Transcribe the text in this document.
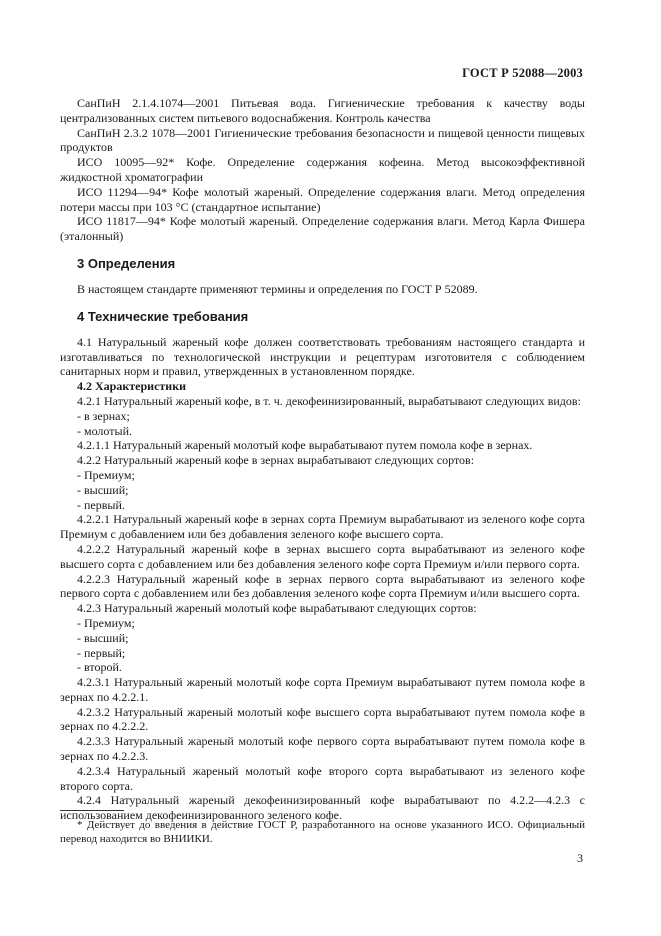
ГОСТ Р 52088—2003
СанПиН 2.1.4.1074—2001 Питьевая вода. Гигиенические требования к качеству воды централизованных систем питьевого водоснабжения. Контроль качества
СанПиН 2.3.2 1078—2001 Гигиенические требования безопасности и пищевой ценности пищевых продуктов
ИСО 10095—92* Кофе. Определение содержания кофеина. Метод высокоэффективной жидкостной хроматографии
ИСО 11294—94* Кофе молотый жареный. Определение содержания влаги. Метод определения потери массы при 103 °С (стандартное испытание)
ИСО 11817—94* Кофе молотый жареный. Определение содержания влаги. Метод Карла Фишера (эталонный)
3 Определения
В настоящем стандарте применяют термины и определения по ГОСТ Р 52089.
4 Технические требования
4.1 Натуральный жареный кофе должен соответствовать требованиям настоящего стандарта и изготавливаться по технологической инструкции и рецептурам изготовителя с соблюдением санитарных норм и правил, утвержденных в установленном порядке.
4.2 Характеристики
4.2.1 Натуральный жареный кофе, в т. ч. декофеинизированный, вырабатывают следующих видов:
- в зернах;
- молотый.
4.2.1.1 Натуральный жареный молотый кофе вырабатывают путем помола кофе в зернах.
4.2.2 Натуральный жареный кофе в зернах вырабатывают следующих сортов:
- Премиум;
- высший;
- первый.
4.2.2.1 Натуральный жареный кофе в зернах сорта Премиум вырабатывают из зеленого кофе сорта Премиум с добавлением или без добавления зеленого кофе высшего сорта.
4.2.2.2 Натуральный жареный кофе в зернах высшего сорта вырабатывают из зеленого кофе высшего сорта с добавлением или без добавления зеленого кофе сорта Премиум и/или первого сорта.
4.2.2.3 Натуральный жареный кофе в зернах первого сорта вырабатывают из зеленого кофе первого сорта с добавлением или без добавления зеленого кофе сорта Премиум и/или высшего сорта.
4.2.3 Натуральный жареный молотый кофе вырабатывают следующих сортов:
- Премиум;
- высший;
- первый;
- второй.
4.2.3.1 Натуральный жареный молотый кофе сорта Премиум вырабатывают путем помола кофе в зернах по 4.2.2.1.
4.2.3.2 Натуральный жареный молотый кофе высшего сорта вырабатывают путем помола кофе в зернах по 4.2.2.2.
4.2.3.3 Натуральный жареный молотый кофе первого сорта вырабатывают путем помола кофе в зернах по 4.2.2.3.
4.2.3.4 Натуральный жареный молотый кофе второго сорта вырабатывают из зеленого кофе второго сорта.
4.2.4 Натуральный жареный декофеинизированный кофе вырабатывают по 4.2.2—4.2.3 с использованием декофеинизированного зеленого кофе.
* Действует до введения в действие ГОСТ Р, разработанного на основе указанного ИСО. Официальный перевод находится во ВНИИКИ.
3
